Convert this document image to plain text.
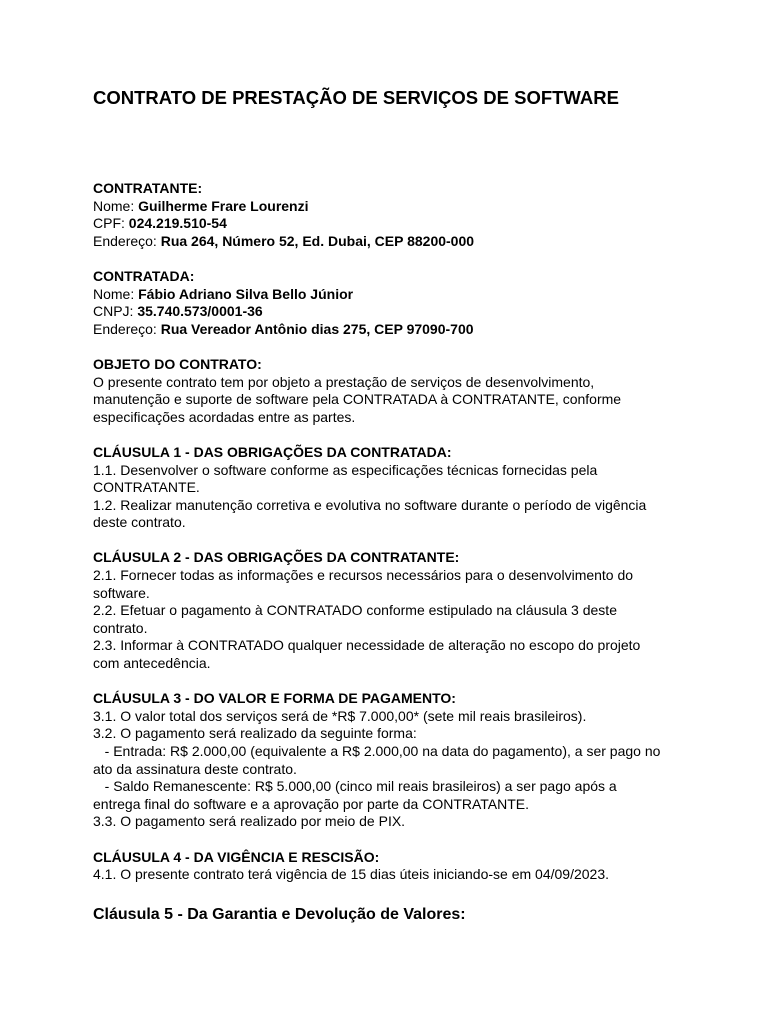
CONTRATO DE PRESTAÇÃO DE SERVIÇOS DE SOFTWARE
CONTRATANTE:
Nome: Guilherme Frare Lourenzi
CPF: 024.219.510-54
Endereço: Rua 264, Número 52, Ed. Dubai, CEP 88200-000
CONTRATADA:
Nome: Fábio Adriano Silva Bello Júnior
CNPJ: 35.740.573/0001-36
Endereço: Rua Vereador Antônio dias 275, CEP 97090-700
OBJETO DO CONTRATO:
O presente contrato tem por objeto a prestação de serviços de desenvolvimento,
manutenção e suporte de software pela CONTRATADA à CONTRATANTE, conforme
especificações acordadas entre as partes.
CLÁUSULA 1 - DAS OBRIGAÇÕES DA CONTRATADA:
1.1. Desenvolver o software conforme as especificações técnicas fornecidas pela
CONTRATANTE.
1.2. Realizar manutenção corretiva e evolutiva no software durante o período de vigência
deste contrato.
CLÁUSULA 2 - DAS OBRIGAÇÕES DA CONTRATANTE:
2.1. Fornecer todas as informações e recursos necessários para o desenvolvimento do
software.
2.2. Efetuar o pagamento à CONTRATADO conforme estipulado na cláusula 3 deste
contrato.
2.3. Informar à CONTRATADO qualquer necessidade de alteração no escopo do projeto
com antecedência.
CLÁUSULA 3 - DO VALOR E FORMA DE PAGAMENTO:
3.1. O valor total dos serviços será de *R$ 7.000,00* (sete mil reais brasileiros).
3.2. O pagamento será realizado da seguinte forma:
- Entrada: R$ 2.000,00 (equivalente a R$ 2.000,00 na data do pagamento), a ser pago no
ato da assinatura deste contrato.
- Saldo Remanescente: R$ 5.000,00 (cinco mil reais brasileiros) a ser pago após a
entrega final do software e a aprovação por parte da CONTRATANTE.
3.3. O pagamento será realizado por meio de PIX.
CLÁUSULA 4 - DA VIGÊNCIA E RESCISÃO:
4.1. O presente contrato terá vigência de 15 dias úteis iniciando-se em 04/09/2023.
Cláusula 5 - Da Garantia e Devolução de Valores:
